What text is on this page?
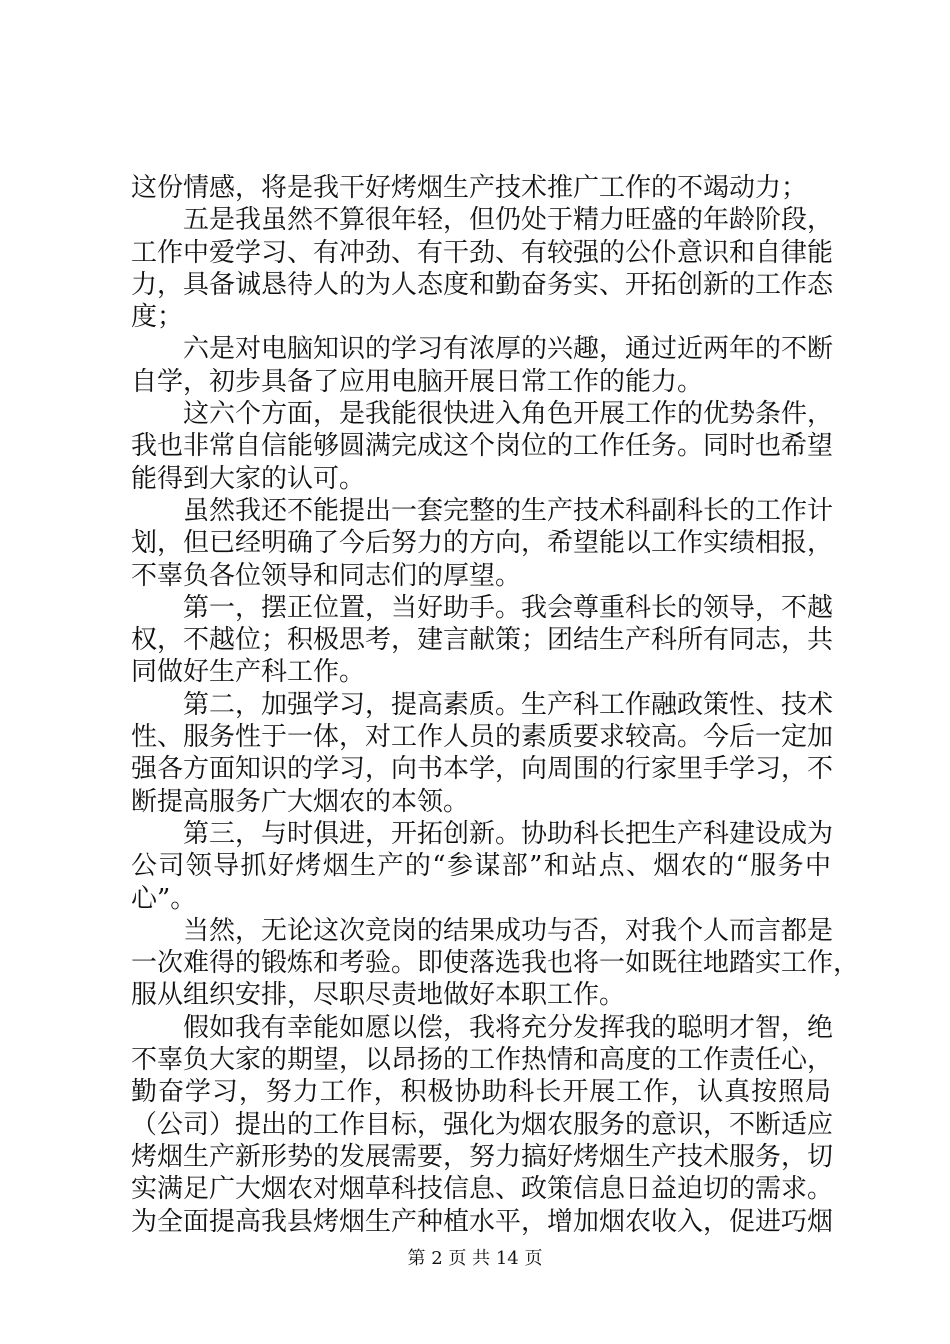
这份情感，将是我干好烤烟生产技术推广工作的不竭动力；
五是我虽然不算很年轻，但仍处于精力旺盛的年龄阶段，
工作中爱学习、有冲劲、有干劲、有较强的公仆意识和自律能
力，具备诚恳待人的为人态度和勤奋务实、开拓创新的工作态
度；
六是对电脑知识的学习有浓厚的兴趣，通过近两年的不断
自学，初步具备了应用电脑开展日常工作的能力。
这六个方面，是我能很快进入角色开展工作的优势条件，
我也非常自信能够圆满完成这个岗位的工作任务。同时也希望
能得到大家的认可。
虽然我还不能提出一套完整的生产技术科副科长的工作计
划，但已经明确了今后努力的方向，希望能以工作实绩相报，
不辜负各位领导和同志们的厚望。
第一，摆正位置，当好助手。我会尊重科长的领导，不越
权，不越位；积极思考，建言献策；团结生产科所有同志，共
同做好生产科工作。
第二，加强学习，提高素质。生产科工作融政策性、技术
性、服务性于一体，对工作人员的素质要求较高。今后一定加
强各方面知识的学习，向书本学，向周围的行家里手学习，不
断提高服务广大烟农的本领。
第三，与时俱进，开拓创新。协助科长把生产科建设成为
公司领导抓好烤烟生产的“参谋部”和站点、烟农的“服务中
心”。
当然，无论这次竞岗的结果成功与否，对我个人而言都是
一次难得的锻炼和考验。即使落选我也将一如既往地踏实工作，
服从组织安排，尽职尽责地做好本职工作。
假如我有幸能如愿以偿，我将充分发挥我的聪明才智，绝
不辜负大家的期望，以昂扬的工作热情和高度的工作责任心，
勤奋学习，努力工作，积极协助科长开展工作，认真按照局
（公司）提出的工作目标，强化为烟农服务的意识，不断适应
烤烟生产新形势的发展需要，努力搞好烤烟生产技术服务，切
实满足广大烟农对烟草科技信息、政策信息日益迫切的需求。
为全面提高我县烤烟生产种植水平，增加烟农收入，促进巧烟
第 2 页 共 14 页
